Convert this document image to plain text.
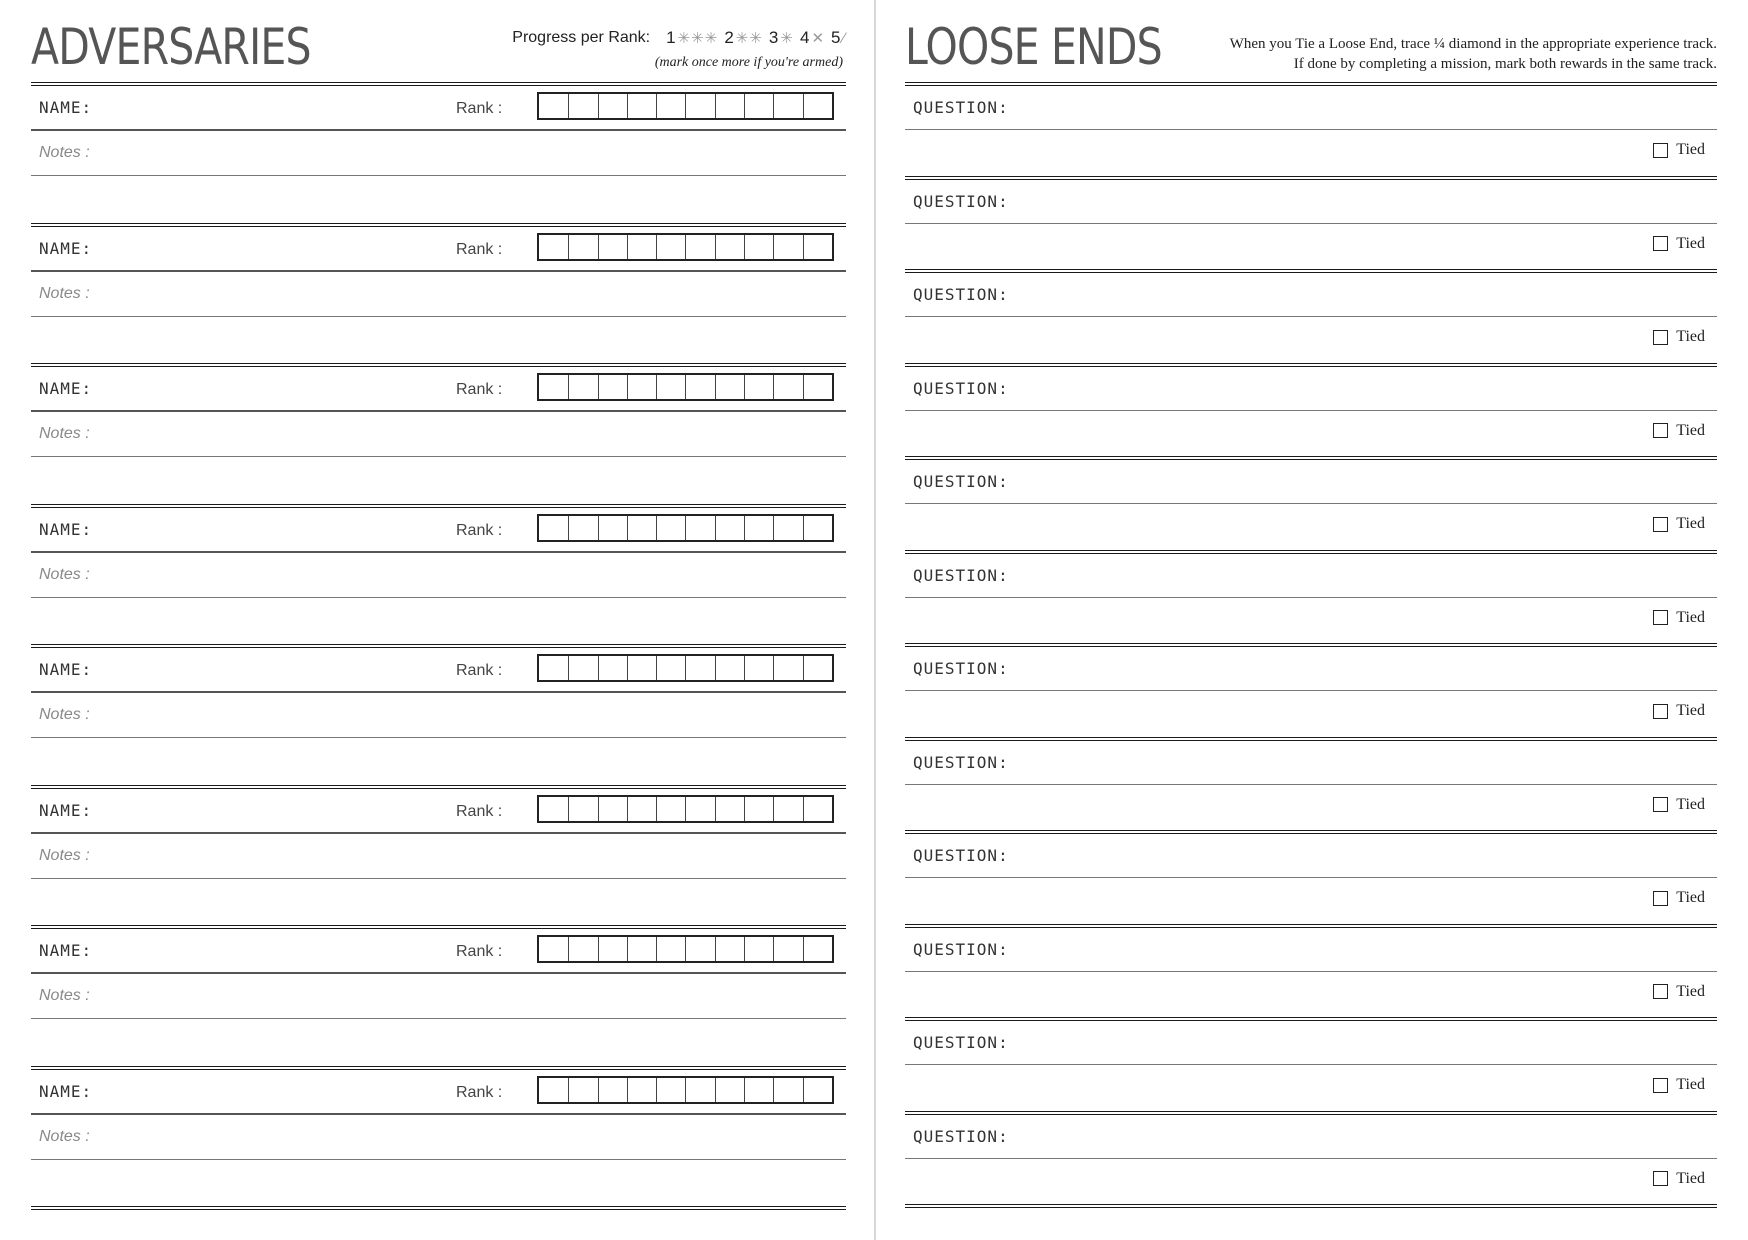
ADVERSARIES	Progress per Rank: 1 ✳✳✳ 2 ✳✳ 3 ✳ 4 ✕ 5 ∕
(mark once more if you're armed)
NAME:	Rank :
Notes :
NAME:	Rank :
Notes :
NAME:	Rank :
Notes :
NAME:	Rank :
Notes :
NAME:	Rank :
Notes :
NAME:	Rank :
Notes :
NAME:	Rank :
Notes :
NAME:	Rank :
Notes :
LOOSE ENDS	When you Tie a Loose End, trace ¼ diamond in the appropriate experience track.
If done by completing a mission, mark both rewards in the same track.
QUESTION:
Tied
QUESTION:
Tied
QUESTION:
Tied
QUESTION:
Tied
QUESTION:
Tied
QUESTION:
Tied
QUESTION:
Tied
QUESTION:
Tied
QUESTION:
Tied
QUESTION:
Tied
QUESTION:
Tied
QUESTION:
Tied
